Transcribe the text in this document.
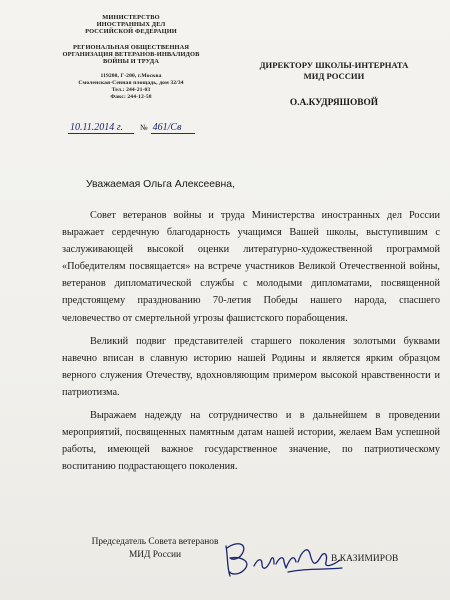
МИНИСТЕРСТВО
ИНОСТРАННЫХ ДЕЛ
РОССИЙСКОЙ ФЕДЕРАЦИИ
РЕГИОНАЛЬНАЯ ОБЩЕСТВЕННАЯ
ОРГАНИЗАЦИЯ ВЕТЕРАНОВ-ИНВАЛИДОВ
ВОЙНЫ И ТРУДА
119200, Г-200, г.Москва
Смоленская-Сенная площадь, дом 32/34
Тел.: 244-21-03
Факс: 244-12-58
ДИРЕКТОРУ ШКОЛЫ-ИНТЕРНАТА
МИД РОССИИ
О.А.КУДРЯШОВОЙ
10.11.2014 г.	№ 461/Св
Уважаемая Ольга Алексеевна,

Совет ветеранов войны и труда Министерства иностранных дел России выражает сердечную благодарность учащимся Вашей школы, выступившим с заслуживающей высокой оценки литературно-художественной программой «Победителям посвящается» на встрече участников Великой Отечественной войны, ветеранов дипломатической службы с молодыми дипломатами, посвященной предстоящему празднованию 70-летия Победы нашего народа, спасшего человечество от смертельной угрозы фашистского порабощения.

Великий подвиг представителей старшего поколения золотыми буквами навечно вписан в славную историю нашей Родины и является ярким образцом верного служения Отечеству, вдохновляющим примером высокой нравственности и патриотизма.

Выражаем надежду на сотрудничество и в дальнейшем в проведении мероприятий, посвященных памятным датам нашей истории, желаем Вам успешной работы, имеющей важное государственное значение, по патриотическому воспитанию подрастающего поколения.

Председатель Совета ветеранов
МИД России	В.КАЗИМИРОВ
